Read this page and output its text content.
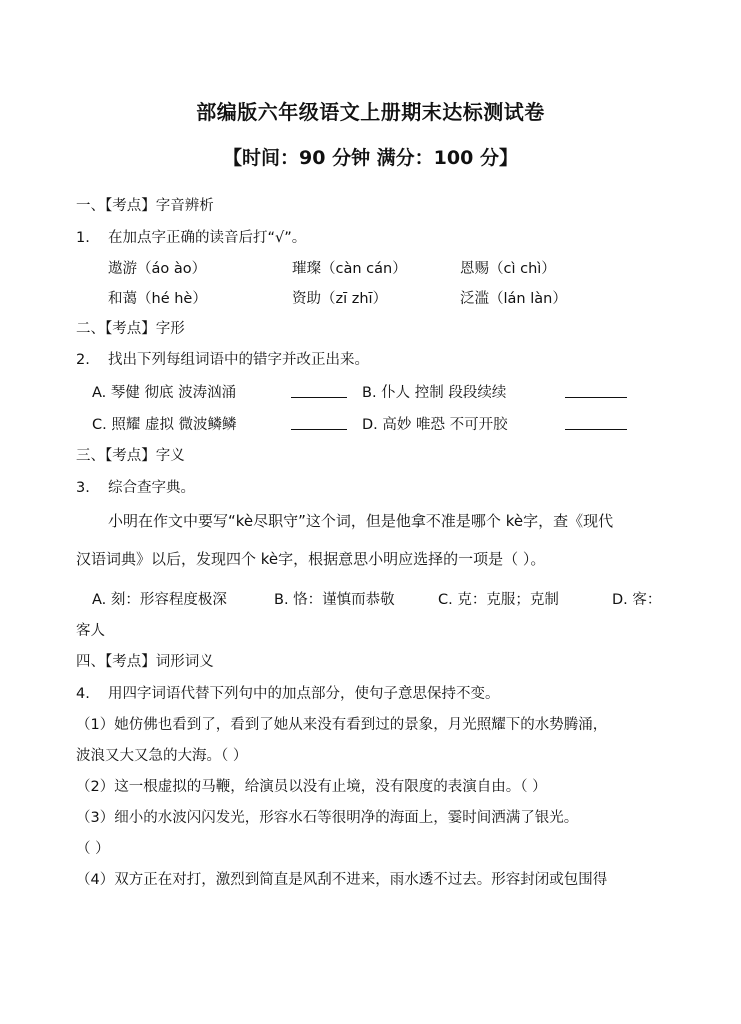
部编版六年级语文上册期末达标测试卷
【时间：90 分钟 满分：100 分】
一、【考点】字音辨析
1. 在加点字正确的读音后打“√”。
遨游（áo ào）	璀璨（càn cán）	恩赐（cì chì）
和蔼（hé hè）	资助（zī zhī）	泛滥（lán làn）
二、【考点】字形
2. 找出下列每组词语中的错字并改正出来。
A. 琴健 彻底 波涛汹涌	B. 仆人 控制 段段续续
C. 照耀 虚拟 微波鳞鳞	D. 高妙 唯恐 不可开胶
三、【考点】字义
3. 综合查字典。
小明在作文中要写“kè尽职守”这个词，但是他拿不准是哪个 kè字，查《现代
汉语词典》以后，发现四个 kè字，根据意思小明应选择的一项是（ ）。
A. 刻：形容程度极深	B. 恪：谨慎而恭敬	C. 克：克服；克制	D. 客：
客人
四、【考点】词形词义
4. 用四字词语代替下列句中的加点部分，使句子意思保持不变。
（1）她仿佛也看到了，看到了她从来没有看到过的景象，月光照耀下的水势腾涌，
波浪又大又急的大海。（ ）
（2）这一根虚拟的马鞭，给演员以没有止境，没有限度的表演自由。（ ）
（3）细小的水波闪闪发光，形容水石等很明净的海面上，霎时间洒满了银光。
（ ）
（4）双方正在对打，激烈到简直是风刮不进来，雨水透不过去。形容封闭或包围得
